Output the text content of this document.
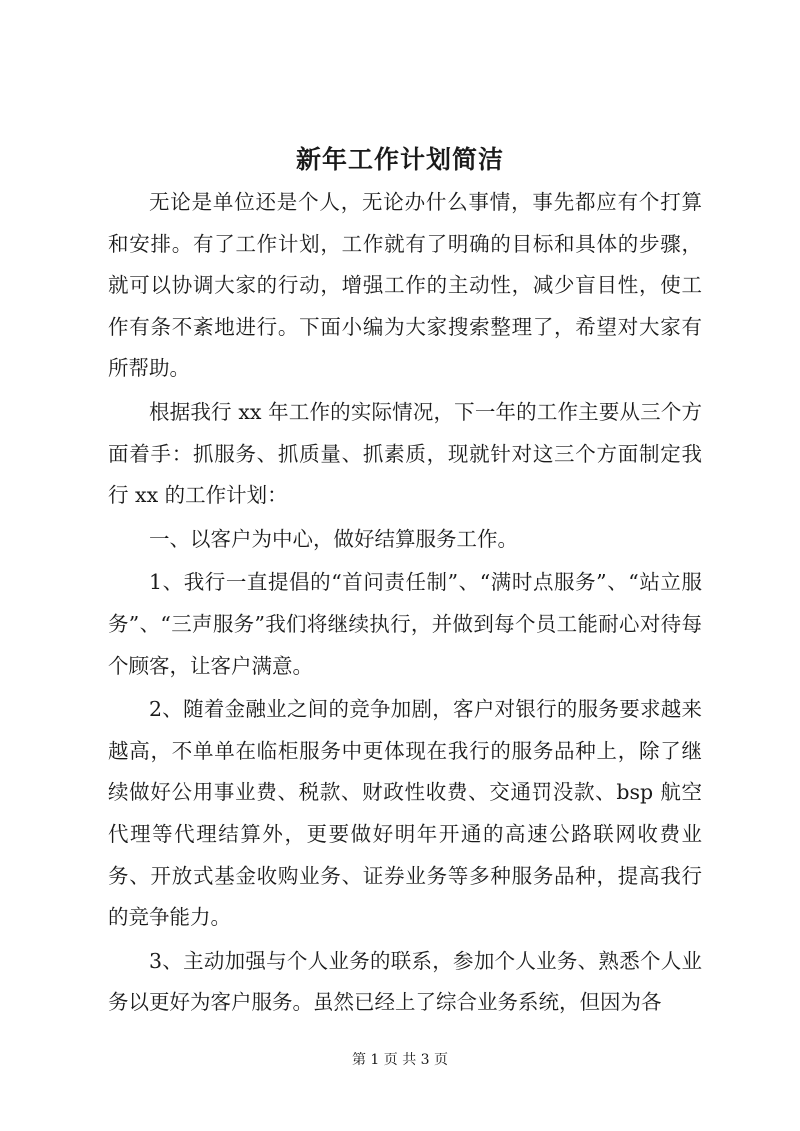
新年工作计划简洁

无论是单位还是个人，无论办什么事情，事先都应有个打算和安排。有了工作计划，工作就有了明确的目标和具体的步骤，就可以协调大家的行动，增强工作的主动性，减少盲目性，使工作有条不紊地进行。下面小编为大家搜索整理了，希望对大家有所帮助。

根据我行 xx 年工作的实际情况，下一年的工作主要从三个方面着手：抓服务、抓质量、抓素质，现就针对这三个方面制定我行 xx 的工作计划：

一、以客户为中心，做好结算服务工作。

1、我行一直提倡的“首问责任制”、“满时点服务”、“站立服务”、“三声服务”我们将继续执行，并做到每个员工能耐心对待每个顾客，让客户满意。

2、随着金融业之间的竞争加剧，客户对银行的服务要求越来越高，不单单在临柜服务中更体现在我行的服务品种上，除了继续做好公用事业费、税款、财政性收费、交通罚没款、bsp 航空代理等代理结算外，更要做好明年开通的高速公路联网收费业务、开放式基金收购业务、证券业务等多种服务品种，提高我行的竞争能力。

3、主动加强与个人业务的联系，参加个人业务、熟悉个人业务以更好为客户服务。虽然已经上了综合业务系统，但因为各

第 1 页 共 3 页
